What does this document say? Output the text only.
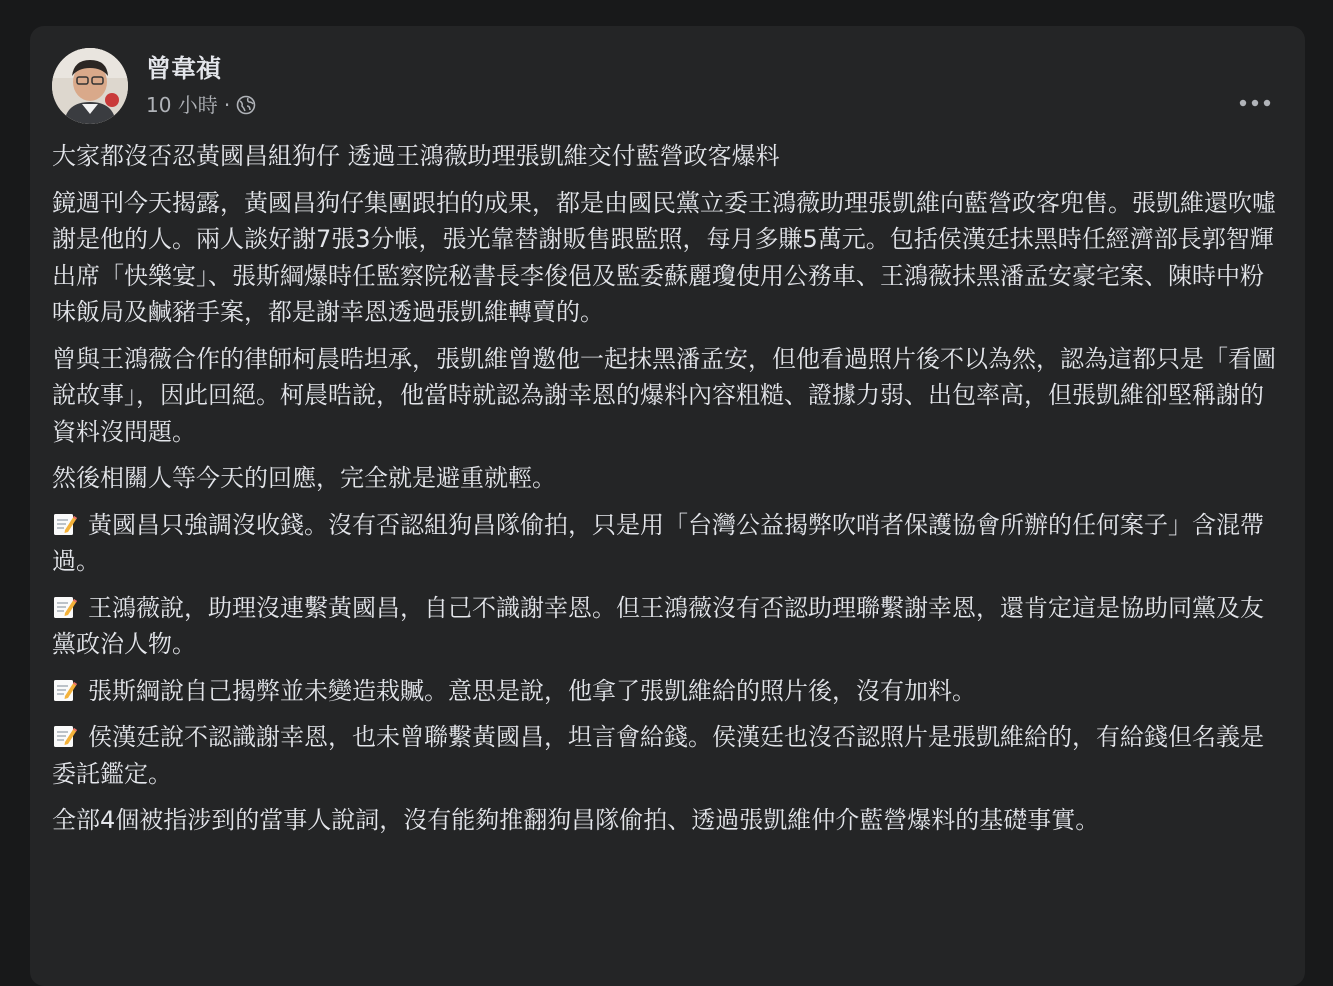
曾韋禎
10 小時 ·

大家都沒否忍黃國昌組狗仔 透過王鴻薇助理張凱維交付藍營政客爆料

鏡週刊今天揭露，黃國昌狗仔集團跟拍的成果，都是由國民黨立委王鴻薇助理張凱維向藍營政客兜售。張凱維還吹噓謝是他的人。兩人談好謝7張3分帳，張光靠替謝販售跟監照，每月多賺5萬元。包括侯漢廷抹黑時任經濟部長郭智輝出席「快樂宴」、張斯綱爆時任監察院秘書長李俊俋及監委蘇麗瓊使用公務車、王鴻薇抹黑潘孟安豪宅案、陳時中粉味飯局及鹹豬手案，都是謝幸恩透過張凱維轉賣的。

曾與王鴻薇合作的律師柯晨晧坦承，張凱維曾邀他一起抹黑潘孟安，但他看過照片後不以為然，認為這都只是「看圖說故事」，因此回絕。柯晨晧說，他當時就認為謝幸恩的爆料內容粗糙、證據力弱、出包率高，但張凱維卻堅稱謝的資料沒問題。

然後相關人等今天的回應，完全就是避重就輕。

黃國昌只強調沒收錢。沒有否認組狗昌隊偷拍，只是用「台灣公益揭弊吹哨者保護協會所辦的任何案子」含混帶過。

王鴻薇說，助理沒連繫黃國昌，自己不識謝幸恩。但王鴻薇沒有否認助理聯繫謝幸恩，還肯定這是協助同黨及友黨政治人物。

張斯綱說自己揭弊並未變造栽贓。意思是說，他拿了張凱維給的照片後，沒有加料。

侯漢廷說不認識謝幸恩，也未曾聯繫黃國昌，坦言會給錢。侯漢廷也沒否認照片是張凱維給的，有給錢但名義是委託鑑定。

全部4個被指涉到的當事人說詞，沒有能夠推翻狗昌隊偷拍、透過張凱維仲介藍營爆料的基礎事實。
